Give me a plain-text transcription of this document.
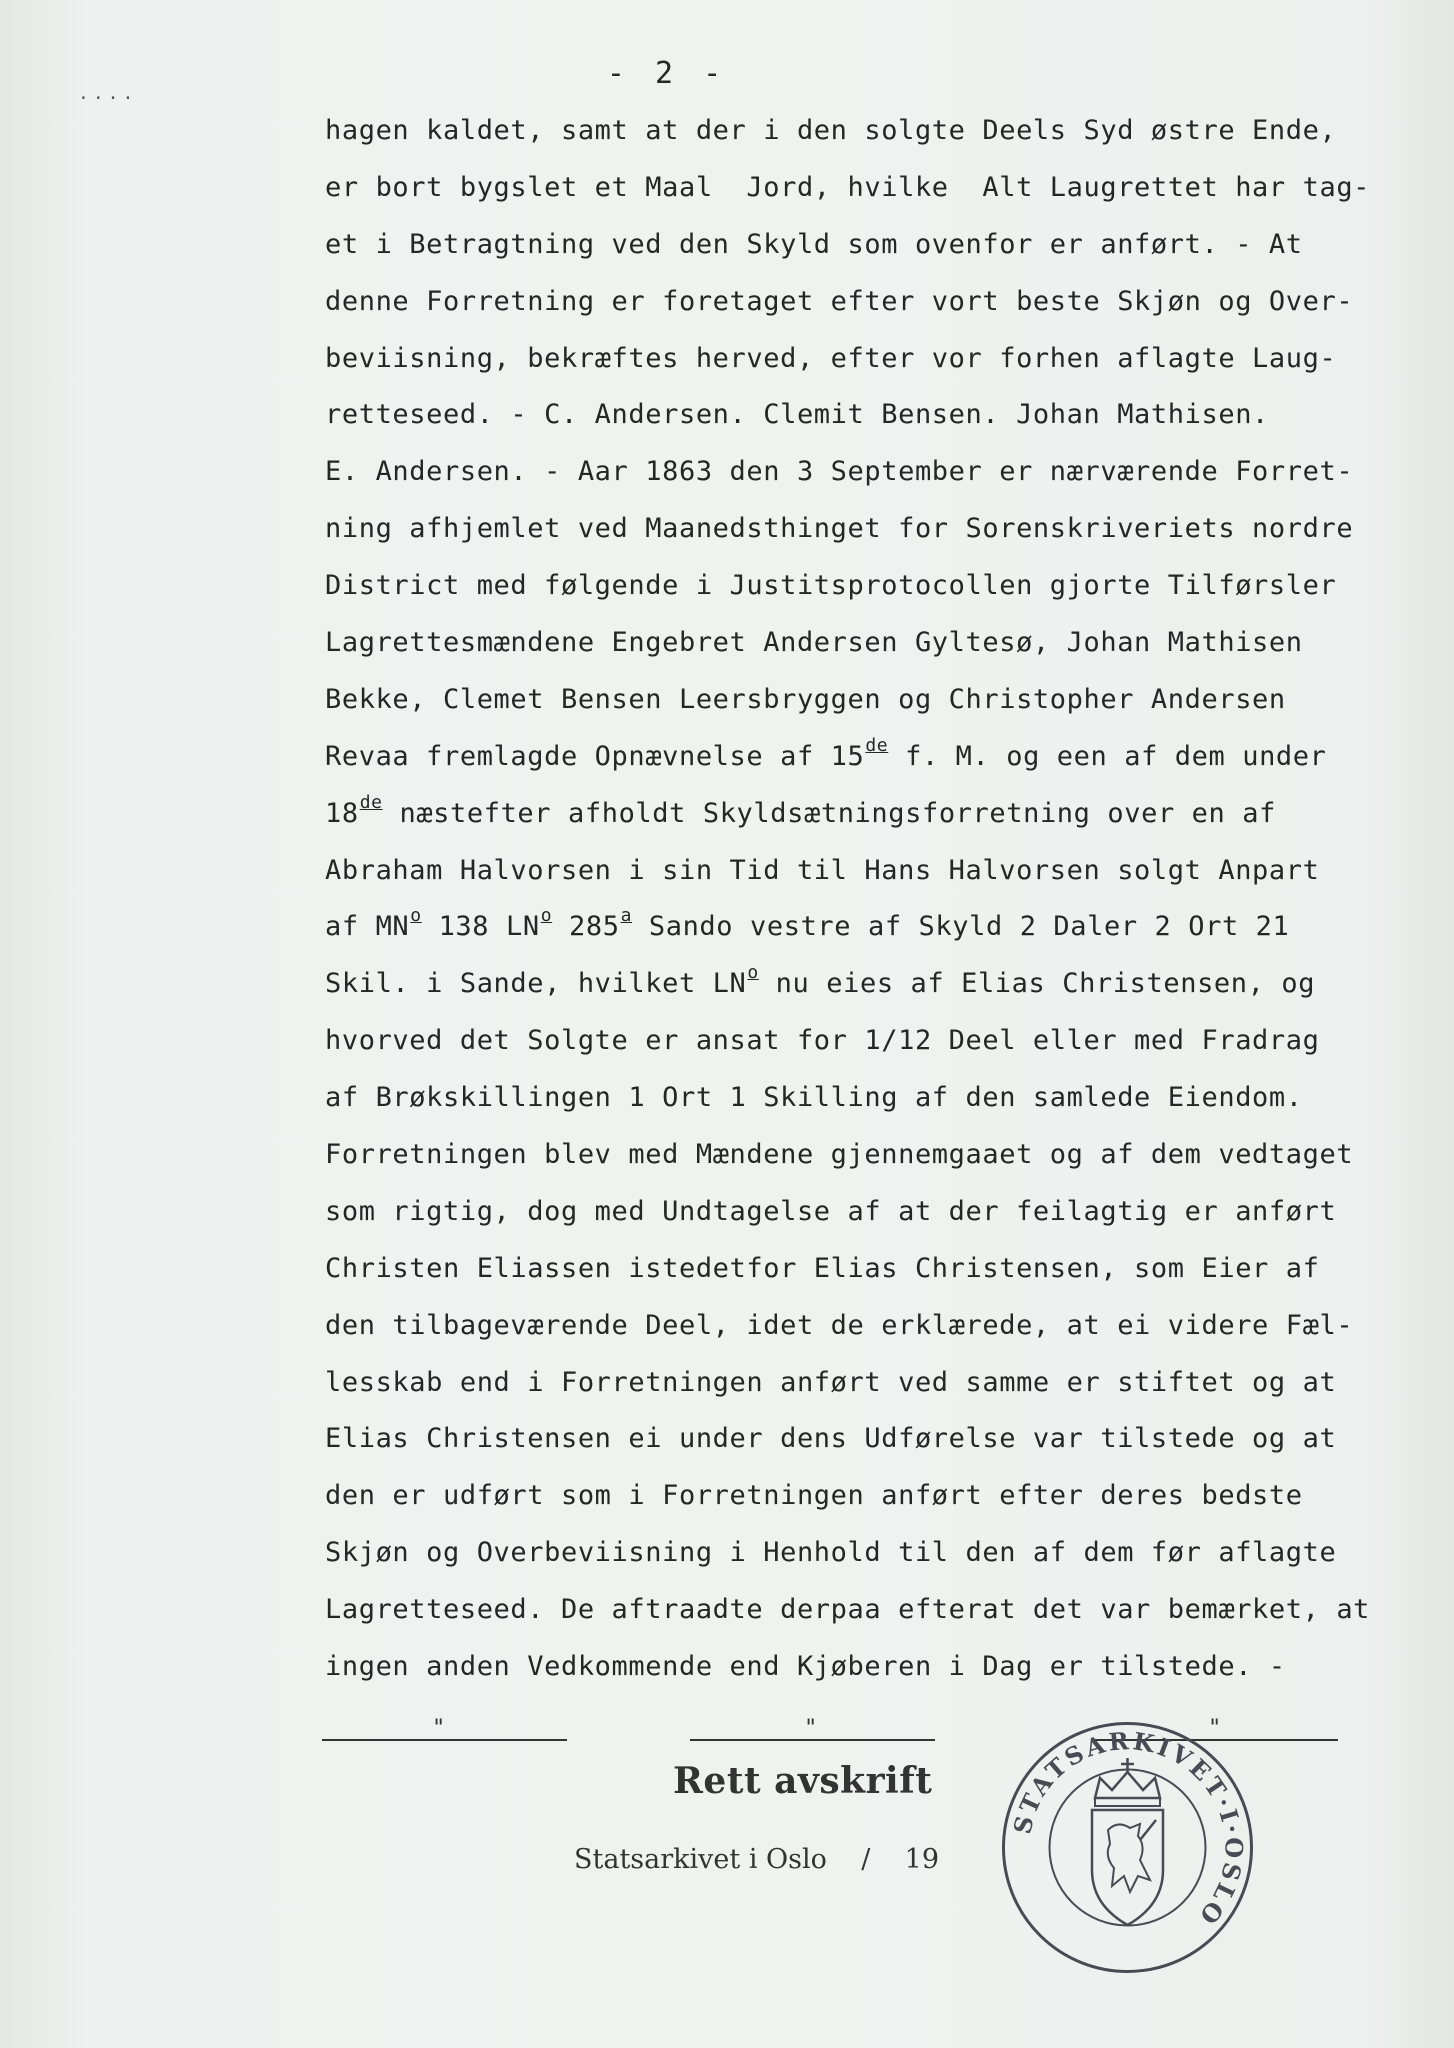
····
- 2 -
hagen kaldet, samt at der i den solgte Deels Syd østre Ende,
er bort bygslet et Maal  Jord, hvilke  Alt Laugrettet har tag-
et i Betragtning ved den Skyld som ovenfor er anført. - At
denne Forretning er foretaget efter vort beste Skjøn og Over-
beviisning, bekræftes herved, efter vor forhen aflagte Laug-
retteseed. - C. Andersen. Clemit Bensen. Johan Mathisen.
E. Andersen. - Aar 1863 den 3 September er nærværende Forret-
ning afhjemlet ved Maanedsthinget for Sorenskriveriets nordre
District med følgende i Justitsprotocollen gjorte Tilførsler
Lagrettesmændene Engebret Andersen Gyltesø, Johan Mathisen
Bekke, Clemet Bensen Leersbryggen og Christopher Andersen
Revaa fremlagde Opnævnelse af 15de f. M. og een af dem under
18de næstefter afholdt Skyldsætningsforretning over en af
Abraham Halvorsen i sin Tid til Hans Halvorsen solgt Anpart
af $MN^o$ 138 $LN^o$ 285$^a$ Sando vestre af Skyld 2 Daler 2 Ort 21
Skil. i Sande, hvilket $LN^o$ nu eies af Elias Christensen, og
hvorved det Solgte er ansat for 1/12 Deel eller med Fradrag
af Brøkskillingen 1 Ort 1 Skilling af den samlede Eiendom.
Forretningen blev med Mændene gjennemgaaet og af dem vedtaget
som rigtig, dog med Undtagelse af at der feilagtig er anført
Christen Eliassen istedetfor Elias Christensen, som Eier af
den tilbageværende Deel, idet de erklærede, at ei videre Fæl-
lesskab end i Forretningen anført ved samme er stiftet og at
Elias Christensen ei under dens Udførelse var tilstede og at
den er udført som i Forretningen anført efter deres bedste
Skjøn og Overbeviisning i Henhold til den af dem før aflagte
Lagretteseed. De aftraadte derpaa efterat det var bemærket, at
ingen anden Vedkommende end Kjøberen i Dag er tilstede. -
"	"	"
Rett avskrift
Statsarkivet i Oslo    /    19
STATSARKIVET·I·OSLO
